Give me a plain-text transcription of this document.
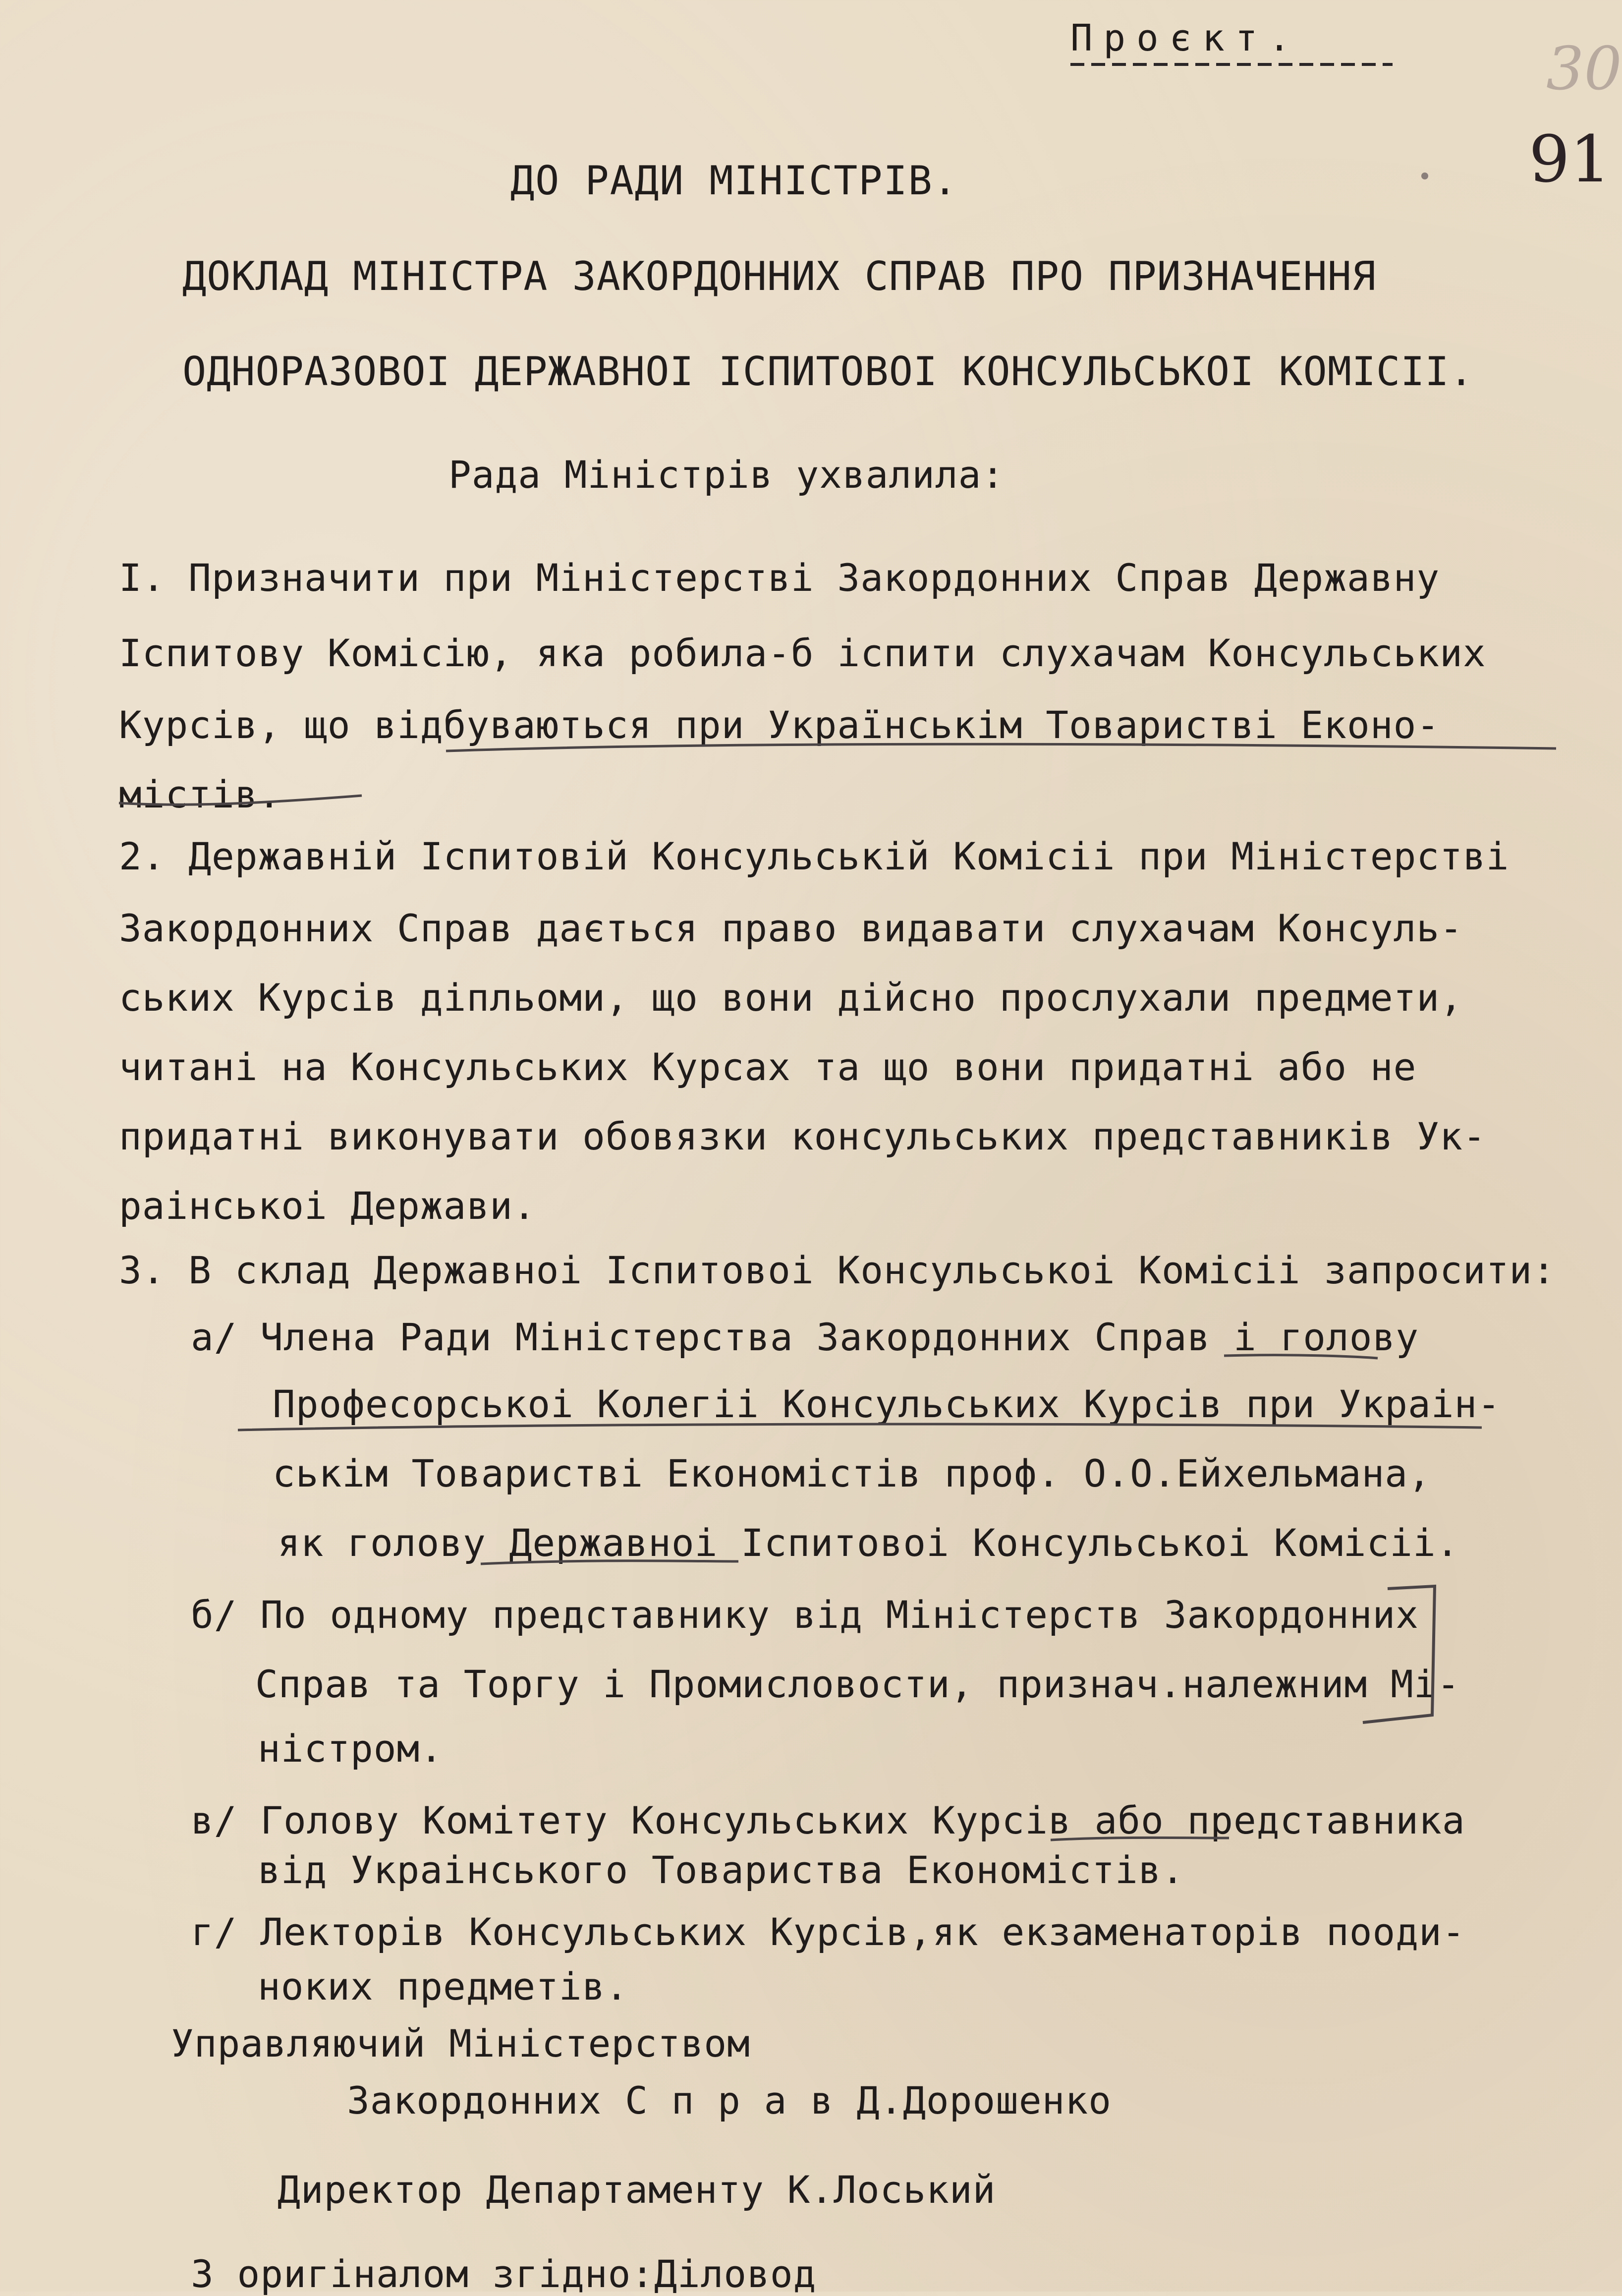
Проєкт.	30
91
ДО РАДИ МІНІСТРІВ.
ДОКЛАД МІНІСТРА ЗАКОРДОННИХ СПРАВ ПРО ПРИЗНАЧЕННЯ
ОДНОРАЗОВОІ ДЕРЖАВНОІ ІСПИТОВОІ КОНСУЛЬСЬКОІ КОМІСІІ.
Рада Міністрів ухвалила:
І. Призначити при Міністерстві Закордонних Справ Державну
Іспитову Комісію, яка робила-б іспити слухачам Консульських
Курсів, що відбуваються при Українськім Товаристві Еконо-
містів.
2. Державній Іспитовій Консульській Комісіі при Міністерстві
Закордонних Справ дається право видавати слухачам Консуль-
ських Курсів діпльоми, що вони дійсно прослухали предмети,
читані на Консульських Курсах та що вони придатні або не
придатні виконувати обовязки консульських представників Ук-
раінськоі Держави.
3. В склад Державноі Іспитовоі Консульськоі Комісіі запросити:
а/ Члена Ради Міністерства Закордонних Справ і голову
Професорськоі Колегіі Консульських Курсів при Украін-
ськім Товаристві Економістів проф. О.О.Ейхельмана,
як голову Державноі Іспитовоі Консульськоі Комісіі.
б/ По одному представнику від Міністерств Закордонних
Справ та Торгу і Промисловости, признач.належним Мі-
ністром.
в/ Голову Комітету Консульських Курсів або представника
від Украінського Товариства Економістів.
г/ Лекторів Консульських Курсів,як екзаменаторів пооди-
ноких предметів.
Управляючий Міністерством
Закордонних С п р а в Д.Дорошенко
Директор Департаменту К.Лоський
З оригіналом згідно:Діловод
